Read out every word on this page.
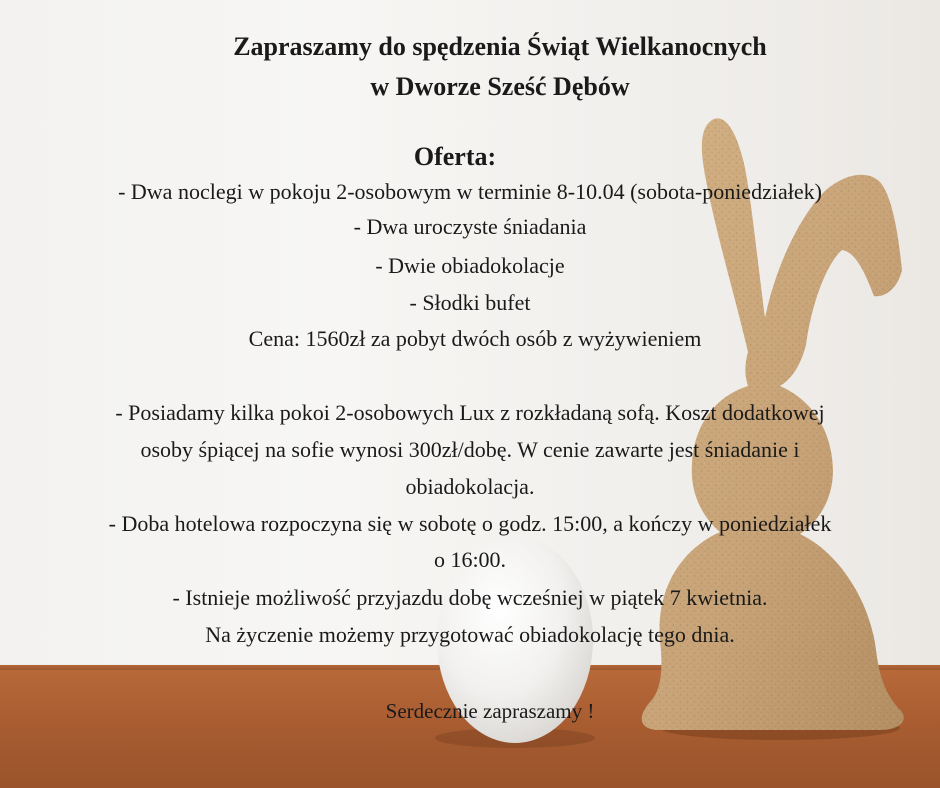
Zapraszamy do spędzenia Świąt Wielkanocnych
w Dworze Sześć Dębów
Oferta:
- Dwa noclegi w pokoju 2-osobowym w terminie 8-10.04 (sobota-poniedziałek)
- Dwa uroczyste śniadania
- Dwie obiadokolacje
- Słodki bufet
Cena: 1560zł za pobyt dwóch osób z wyżywieniem
- Posiadamy kilka pokoi 2-osobowych Lux z rozkładaną sofą. Koszt dodatkowej
osoby śpiącej na sofie wynosi 300zł/dobę. W cenie zawarte jest śniadanie i
obiadokolacja.
- Doba hotelowa rozpoczyna się w sobotę o godz. 15:00, a kończy w poniedziałek
o 16:00.
- Istnieje możliwość przyjazdu dobę wcześniej w piątek 7 kwietnia.
Na życzenie możemy przygotować obiadokolację tego dnia.
Serdecznie zapraszamy !
